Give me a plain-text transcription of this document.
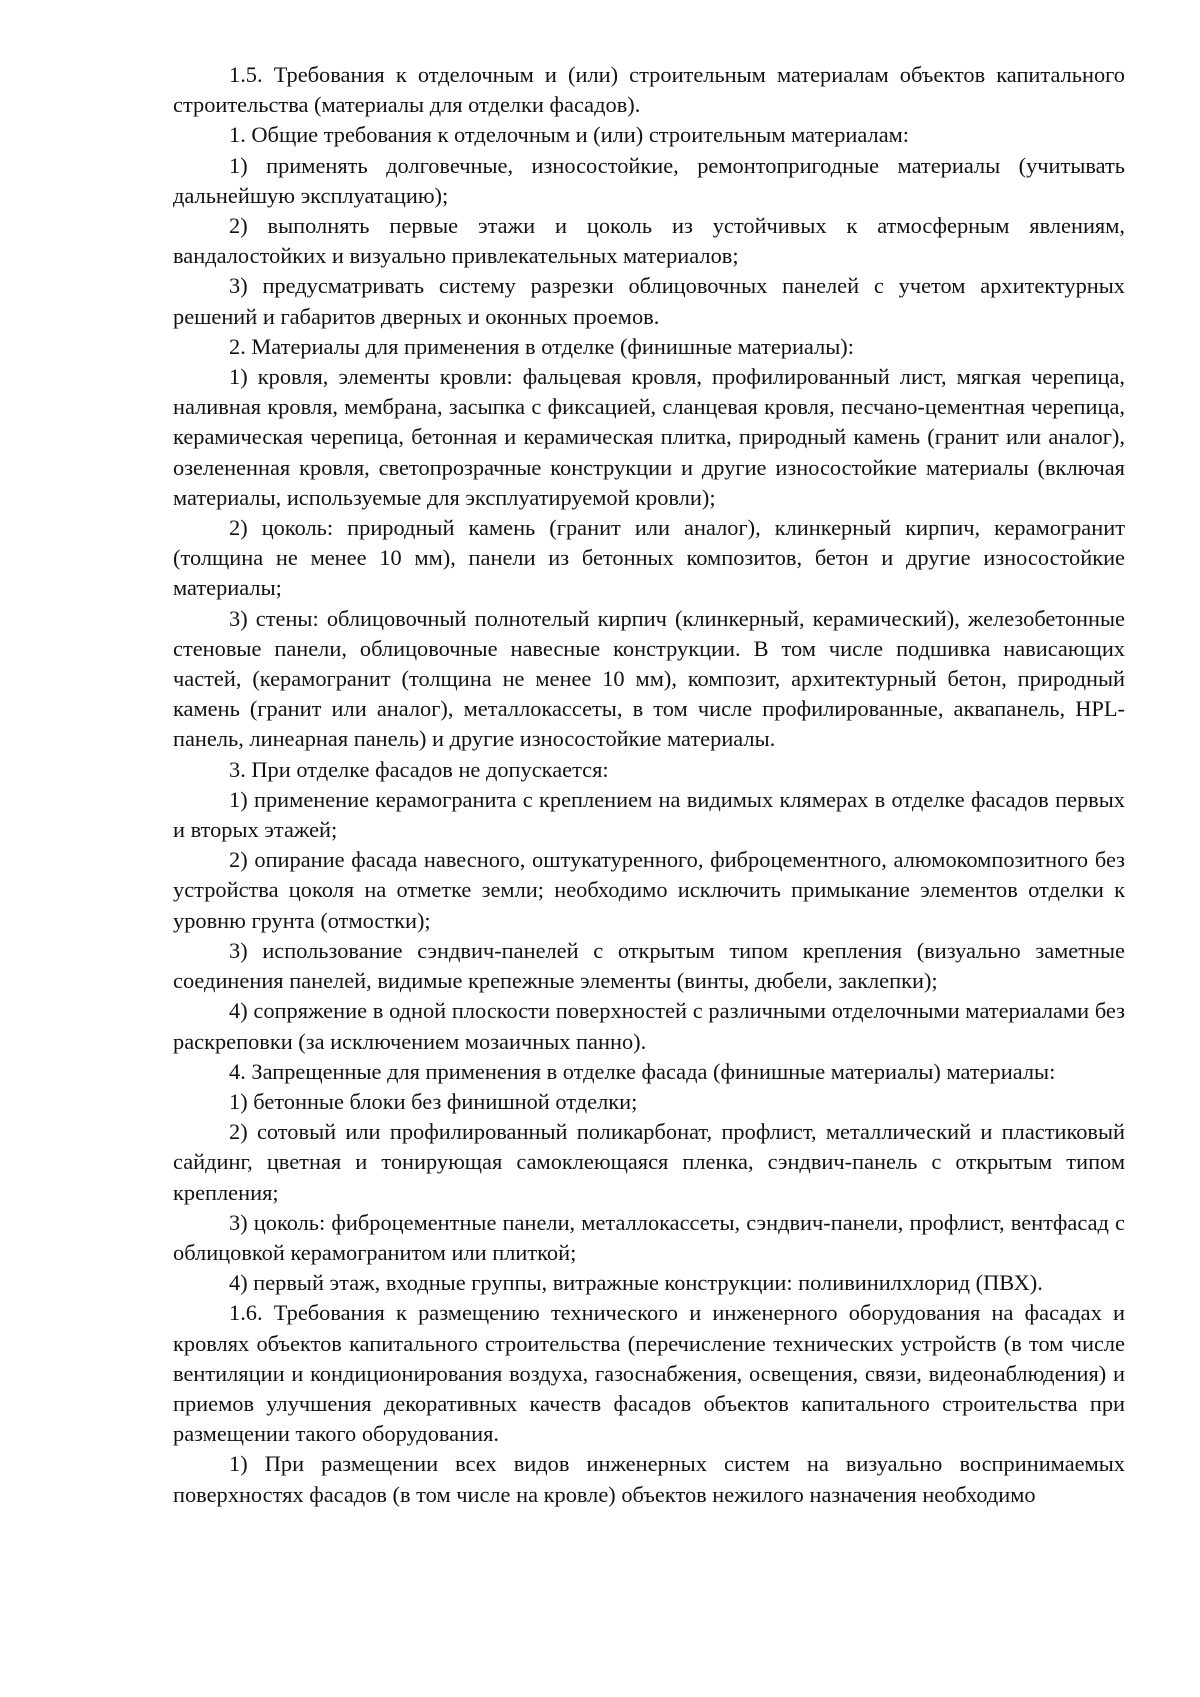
1.5. Требования к отделочным и (или) строительным материалам объектов капитального строительства (материалы для отделки фасадов).

1. Общие требования к отделочным и (или) строительным материалам:

1) применять долговечные, износостойкие, ремонтопригодные материалы (учитывать дальнейшую эксплуатацию);

2) выполнять первые этажи и цоколь из устойчивых к атмосферным явлениям, вандалостойких и визуально привлекательных материалов;

3) предусматривать систему разрезки облицовочных панелей с учетом архитектурных решений и габаритов дверных и оконных проемов.

2. Материалы для применения в отделке (финишные материалы):

1) кровля, элементы кровли: фальцевая кровля, профилированный лист, мягкая черепица, наливная кровля, мембрана, засыпка с фиксацией, сланцевая кровля, песчано-цементная черепица, керамическая черепица, бетонная и керамическая плитка, природный камень (гранит или аналог), озелененная кровля, светопрозрачные конструкции и другие износостойкие материалы (включая материалы, используемые для эксплуатируемой кровли);

2) цоколь: природный камень (гранит или аналог), клинкерный кирпич, керамогранит (толщина не менее 10 мм), панели из бетонных композитов, бетон и другие износостойкие материалы;

3) стены: облицовочный полнотелый кирпич (клинкерный, керамический), железобетонные стеновые панели, облицовочные навесные конструкции. В том числе подшивка нависающих частей, (керамогранит (толщина не менее 10 мм), композит, архитектурный бетон, природный камень (гранит или аналог), металлокассеты, в том числе профилированные, аквапанель, HPL-панель, линеарная панель) и другие износостойкие материалы.

3. При отделке фасадов не допускается:

1) применение керамогранита с креплением на видимых клямерах в отделке фасадов первых и вторых этажей;

2) опирание фасада навесного, оштукатуренного, фиброцементного, алюмокомпозитного без устройства цоколя на отметке земли; необходимо исключить примыкание элементов отделки к уровню грунта (отмостки);

3) использование сэндвич-панелей с открытым типом крепления (визуально заметные соединения панелей, видимые крепежные элементы (винты, дюбели, заклепки);

4) сопряжение в одной плоскости поверхностей с различными отделочными материалами без раскреповки (за исключением мозаичных панно).

4. Запрещенные для применения в отделке фасада (финишные материалы) материалы:

1) бетонные блоки без финишной отделки;

2) сотовый или профилированный поликарбонат, профлист, металлический и пластиковый сайдинг, цветная и тонирующая самоклеющаяся пленка, сэндвич-панель с открытым типом крепления;

3) цоколь: фиброцементные панели, металлокассеты, сэндвич-панели, профлист, вентфасад с облицовкой керамогранитом или плиткой;

4) первый этаж, входные группы, витражные конструкции: поливинилхлорид (ПВХ).

1.6. Требования к размещению технического и инженерного оборудования на фасадах и кровлях объектов капитального строительства (перечисление технических устройств (в том числе вентиляции и кондиционирования воздуха, газоснабжения, освещения, связи, видеонаблюдения) и приемов улучшения декоративных качеств фасадов объектов капитального строительства при размещении такого оборудования.

1) При размещении всех видов инженерных систем на визуально воспринимаемых поверхностях фасадов (в том числе на кровле) объектов нежилого назначения необходимо
